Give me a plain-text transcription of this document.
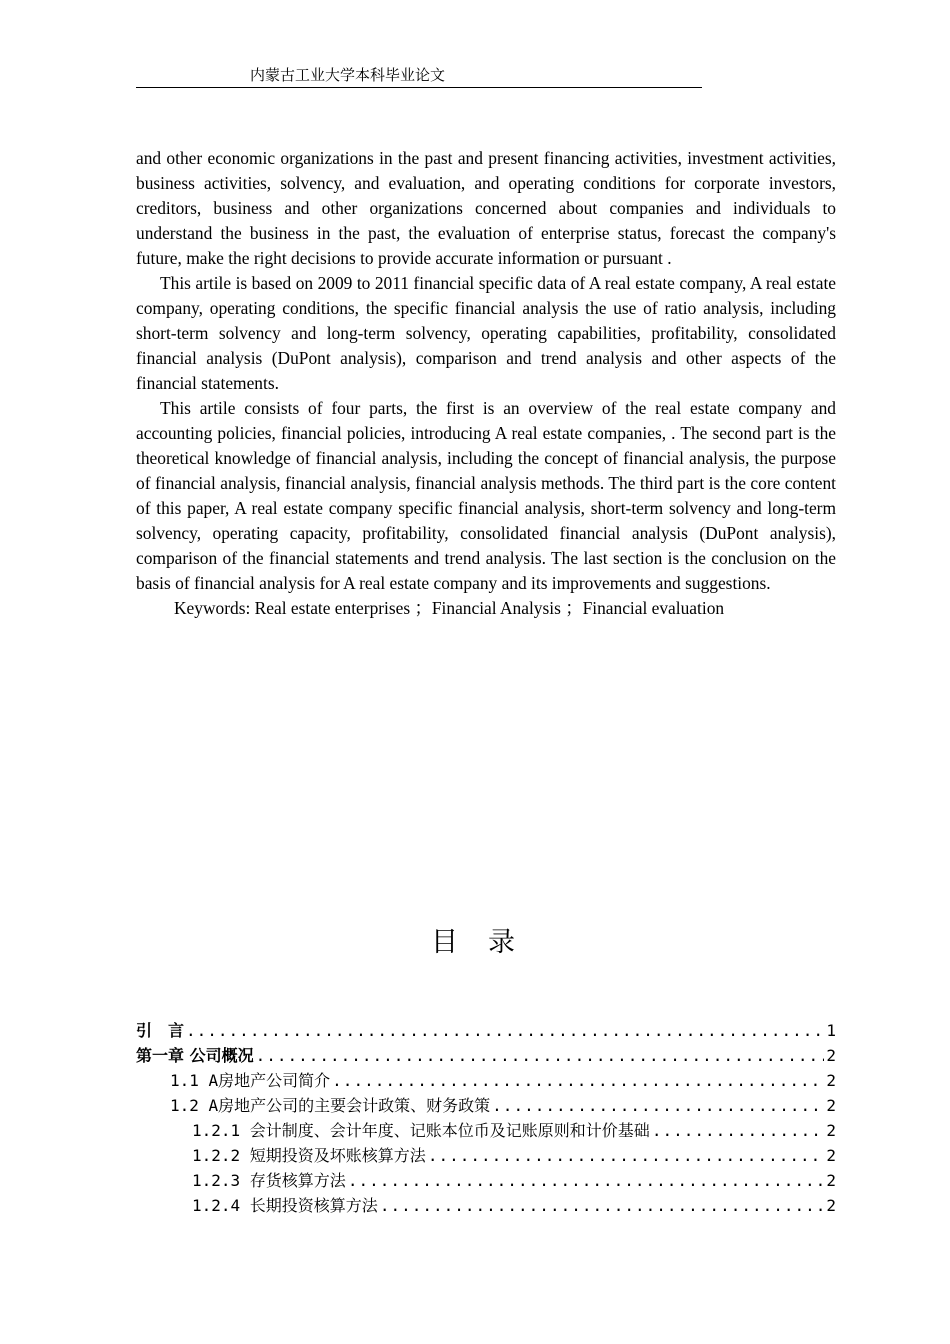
内蒙古工业大学本科毕业论文

and other economic organizations in the past and present financing activities, investment activities, business activities, solvency, and evaluation, and operating conditions for corporate investors, creditors, business and other organizations concerned about companies and individuals to understand the business in the past, the evaluation of enterprise status, forecast the company's future, make the right decisions to provide accurate information or pursuant .

This artile is based on 2009 to 2011 financial specific data of A real estate company, A real estate company, operating conditions, the specific financial analysis the use of ratio analysis, including short-term solvency and long-term solvency, operating capabilities, profitability, consolidated financial analysis (DuPont analysis), comparison and trend analysis and other aspects of the financial statements.

This artile consists of four parts, the first is an overview of the real estate company and accounting policies, financial policies, introducing A real estate companies, . The second part is the theoretical knowledge of financial analysis, including the concept of financial analysis, the purpose of financial analysis, financial analysis, financial analysis methods. The third part is the core content of this paper, A real estate company specific financial analysis, short-term solvency and long-term solvency, operating capacity, profitability, consolidated financial analysis (DuPont analysis), comparison of the financial statements and trend analysis. The last section is the conclusion on the basis of financial analysis for A real estate company and its improvements and suggestions.

Keywords: Real estate enterprises ；Financial Analysis ；Financial evaluation

目录
引　言 .....	1
第一章 公司概况 .....	2
1.1 A房地产公司简介 .....	2
1.2 A房地产公司的主要会计政策、财务政策 .....	2
1.2.1 会计制度、会计年度、记账本位币及记账原则和计价基础 .....	2
1.2.2 短期投资及坏账核算方法 .....	2
1.2.3 存货核算方法 .....	2
1.2.4 长期投资核算方法 .....	2
